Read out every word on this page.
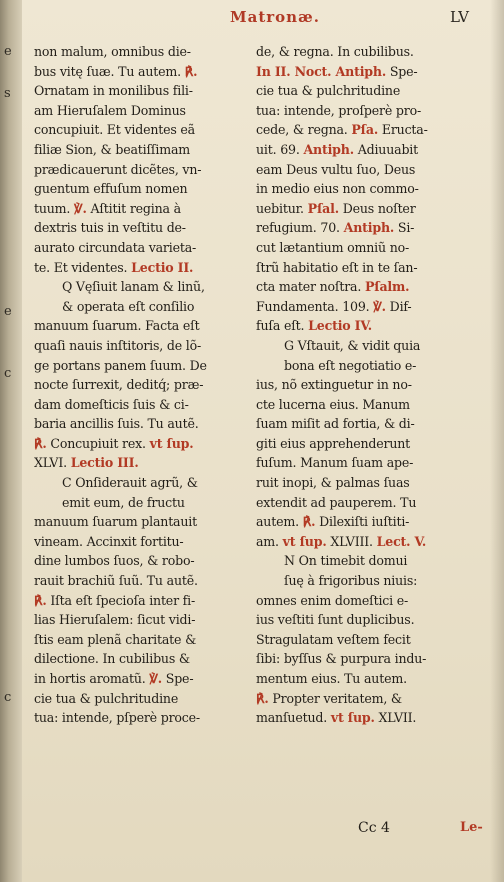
e
s
e
c
c
Matronæ.	LV
non malum, omnibus die-
bus vitę ſuæ. Tu autem. ℟.
Ornatam in monilibus fili-
am Hieruſalem Dominus
concupiuit. Et videntes eã
filiæ Sion, & beatiſſimam
prædicauerunt dicẽtes, vn-
guentum effuſum nomen
tuum. ℣. Aſtitit regina à
dextris tuis in veſtitu de-
aurato circundata varieta-
te. Et videntes. Lectio II.
Q Vęſiuit lanam & linũ,
& operata eſt conſilio
manuum ſuarum. Facta eſt
quaſi nauis inſtitoris, de lõ-
ge portans panem ſuum. De
nocte ſurrexit, deditq́; præ-
dam domeſticis ſuis & ci-
baria ancillis ſuis. Tu autẽ.
℟. Concupiuit rex. vt ſup.
XLVI. Lectio III.
C Onſiderauit agrũ, &
emit eum, de fructu
manuum ſuarum plantauit
vineam. Accinxit fortitu-
dine lumbos ſuos, & robo-
rauit brachiũ ſuũ. Tu autẽ.
℟. Iſta eſt ſpecioſa inter fi-
lias Hieruſalem: ſicut vidi-
ſtis eam plenã charitate &
dilectione. In cubilibus &
in hortis aromatũ. ℣. Spe-
cie tua & pulchritudine
tua: intende, pſperè proce-
de, & regna. In cubilibus.
In II. Noct. Antiph. Spe-
cie tua & pulchritudine
tua: intende, proſperè pro-
cede, & regna. Pſa. Eructa-
uit. 69. Antiph. Adiuuabit
eam Deus vultu ſuo, Deus
in medio eius non commo-
uebitur. Pſal. Deus noſter
refugium. 70. Antiph. Si-
cut lætantium omniũ no-
ſtrũ habitatio eſt in te ſan-
cta mater noſtra. Pſalm.
Fundamenta. 109. ℣. Dif-
fuſa eſt. Lectio IV.
G Vſtauit, & vidit quia
bona eſt negotiatio e-
ius, nõ extinguetur in no-
cte lucerna eius. Manum
ſuam miſit ad fortia, & di-
giti eius apprehenderunt
fuſum. Manum ſuam ape-
ruit inopi, & palmas ſuas
extendit ad pauperem. Tu
autem. ℟. Dilexiſti iuſtiti-
am. vt ſup. XLVIII. Lect. V.
N On timebit domui
ſuę à frigoribus niuis:
omnes enim domeſtici e-
ius veſtiti ſunt duplicibus.
Stragulatam veſtem fecit
ſibi: byſſus & purpura indu-
mentum eius. Tu autem.
℟. Propter veritatem, &
manſuetud. vt ſup. XLVII.
Cc 4	Le-
